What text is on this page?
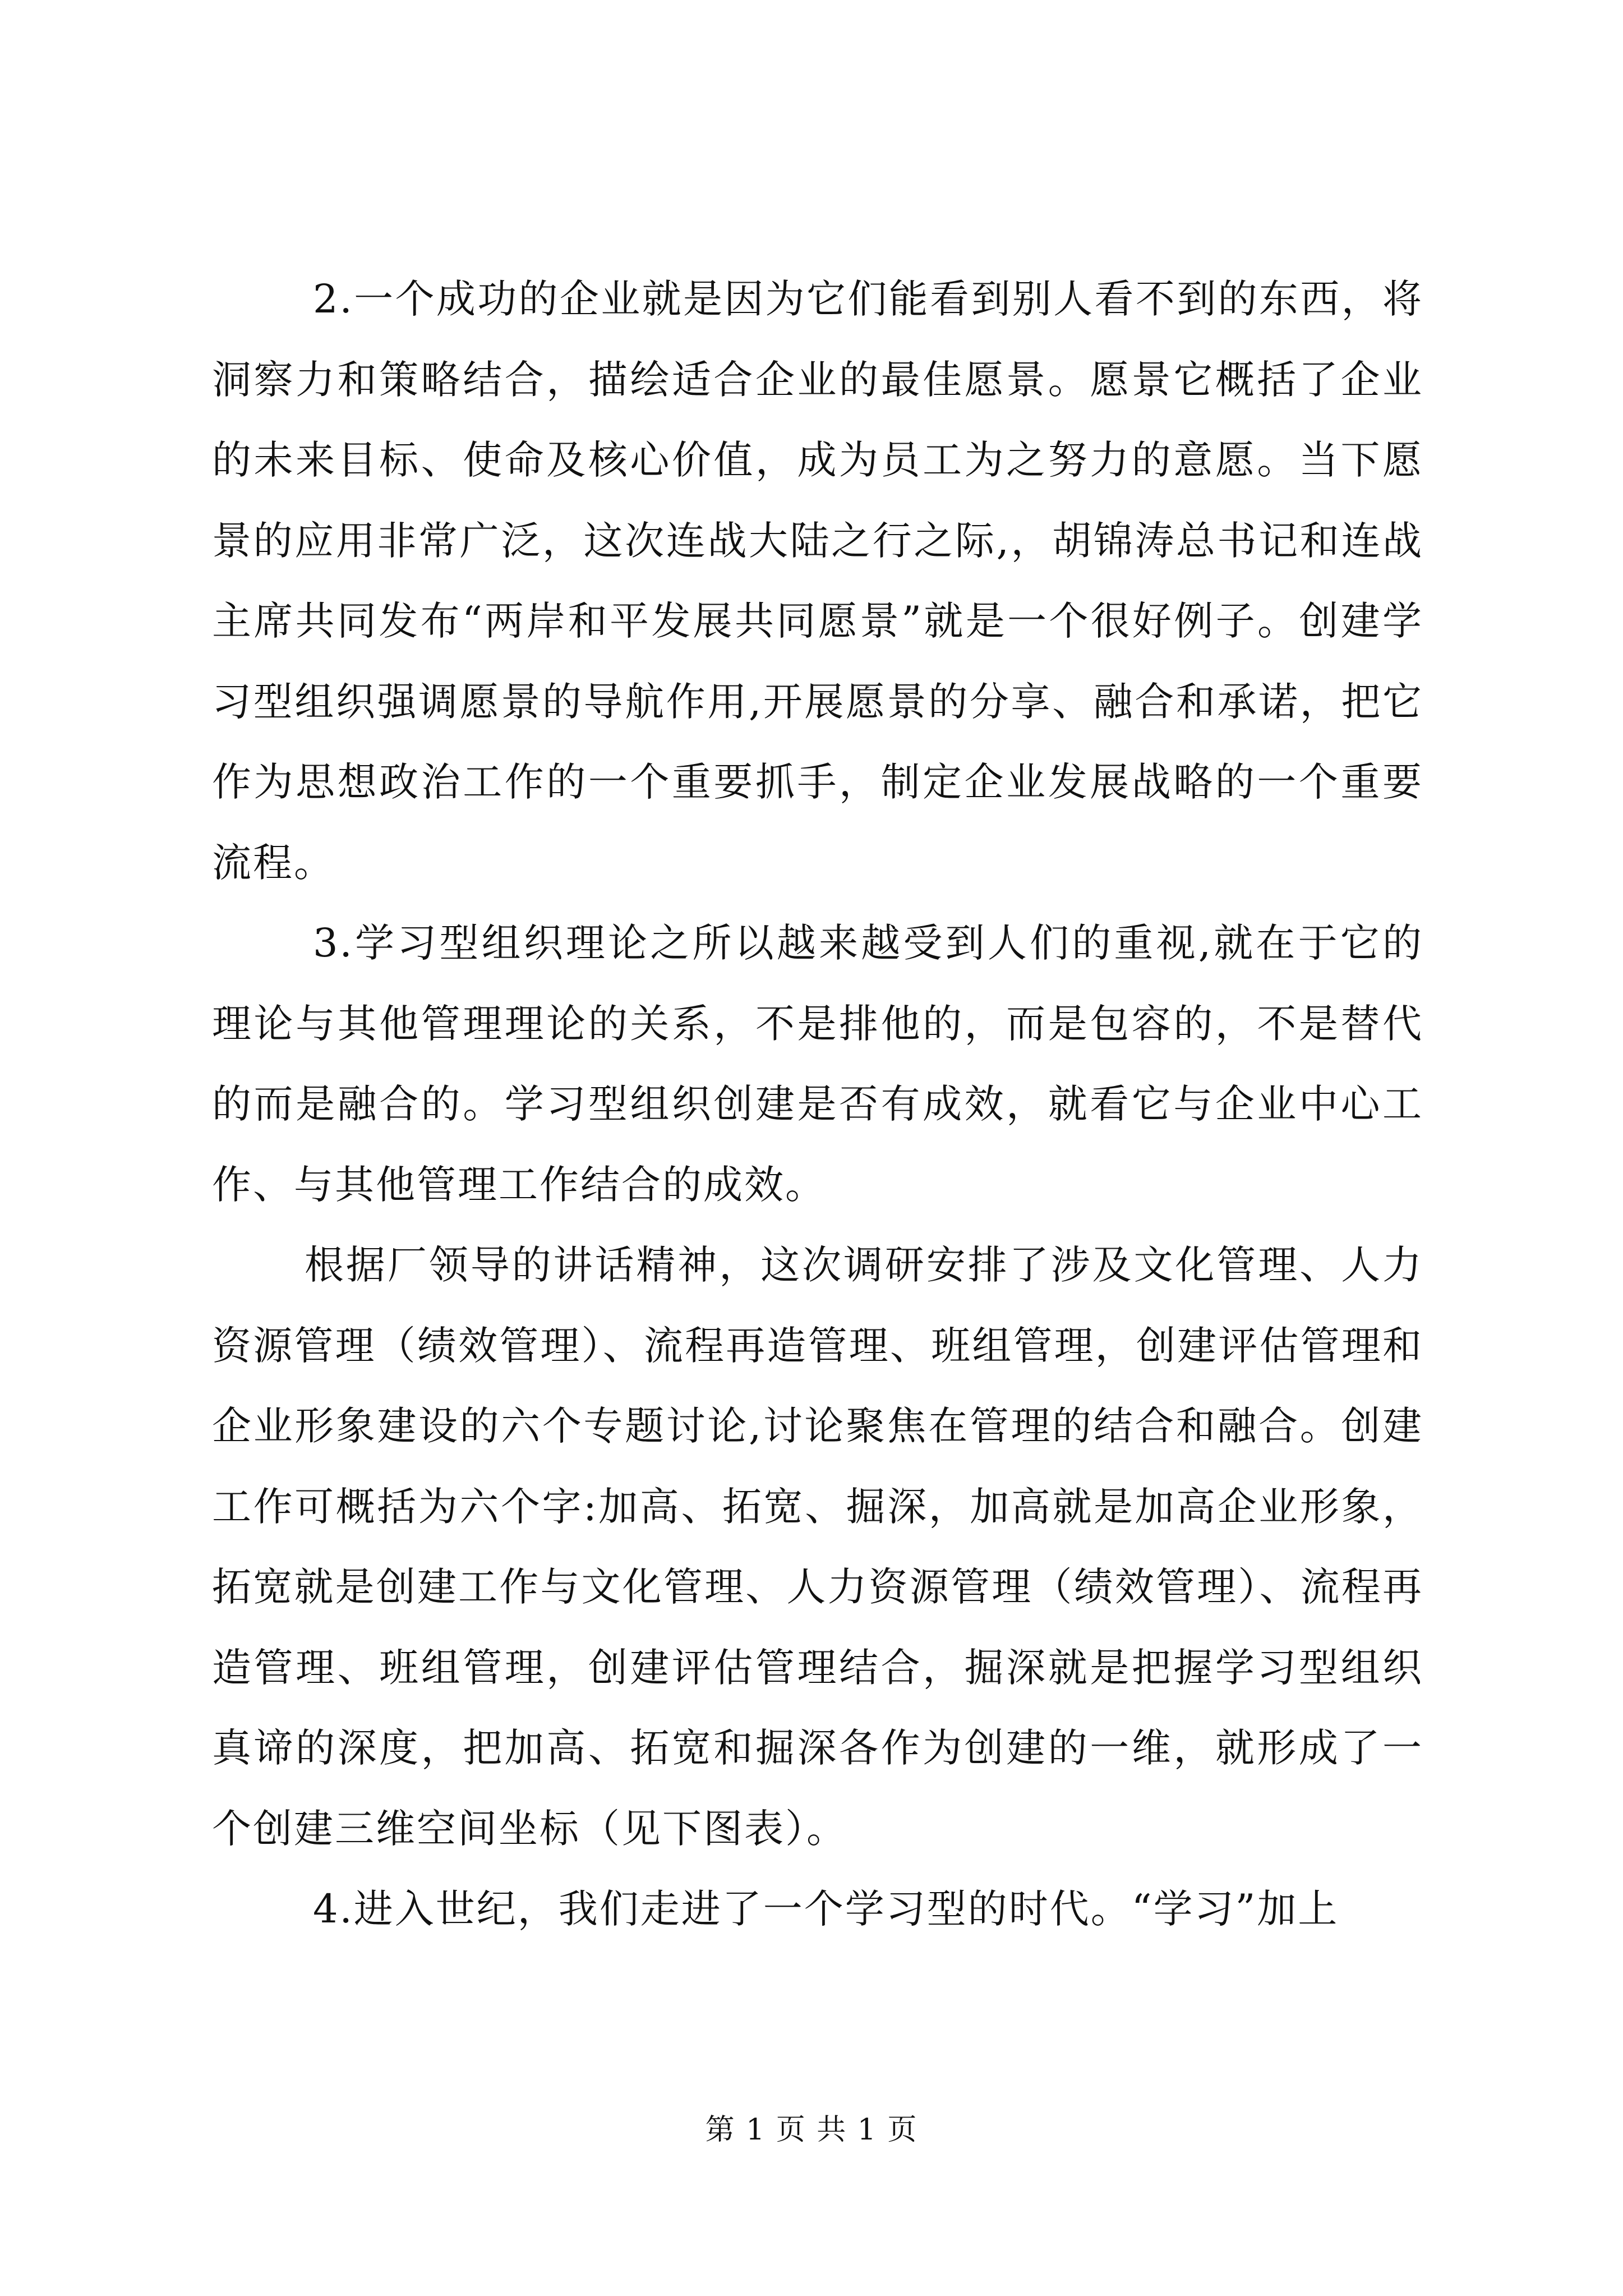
2.一个成功的企业就是因为它们能看到别人看不到的东西，将洞察力和策略结合，描绘适合企业的最佳愿景。愿景它概括了企业的未来目标、使命及核心价值，成为员工为之努力的意愿。当下愿景的应用非常广泛，这次连战大陆之行之际,，胡锦涛总书记和连战主席共同发布“两岸和平发展共同愿景”就是一个很好例子。创建学习型组织强调愿景的导航作用,开展愿景的分享、融合和承诺，把它作为思想政治工作的一个重要抓手，制定企业发展战略的一个重要流程。

3.学习型组织理论之所以越来越受到人们的重视,就在于它的理论与其他管理理论的关系，不是排他的，而是包容的，不是替代的而是融合的。学习型组织创建是否有成效，就看它与企业中心工作、与其他管理工作结合的成效。

根据厂领导的讲话精神，这次调研安排了涉及文化管理、人力资源管理（绩效管理）、流程再造管理、班组管理，创建评估管理和企业形象建设的六个专题讨论,讨论聚焦在管理的结合和融合。创建工作可概括为六个字:加高、拓宽、掘深，加高就是加高企业形象，拓宽就是创建工作与文化管理、人力资源管理（绩效管理）、流程再造管理、班组管理，创建评估管理结合，掘深就是把握学习型组织真谛的深度，把加高、拓宽和掘深各作为创建的一维，就形成了一个创建三维空间坐标（见下图表）。

4.进入世纪，我们走进了一个学习型的时代。“学习”加上

第 1 页 共 1 页
